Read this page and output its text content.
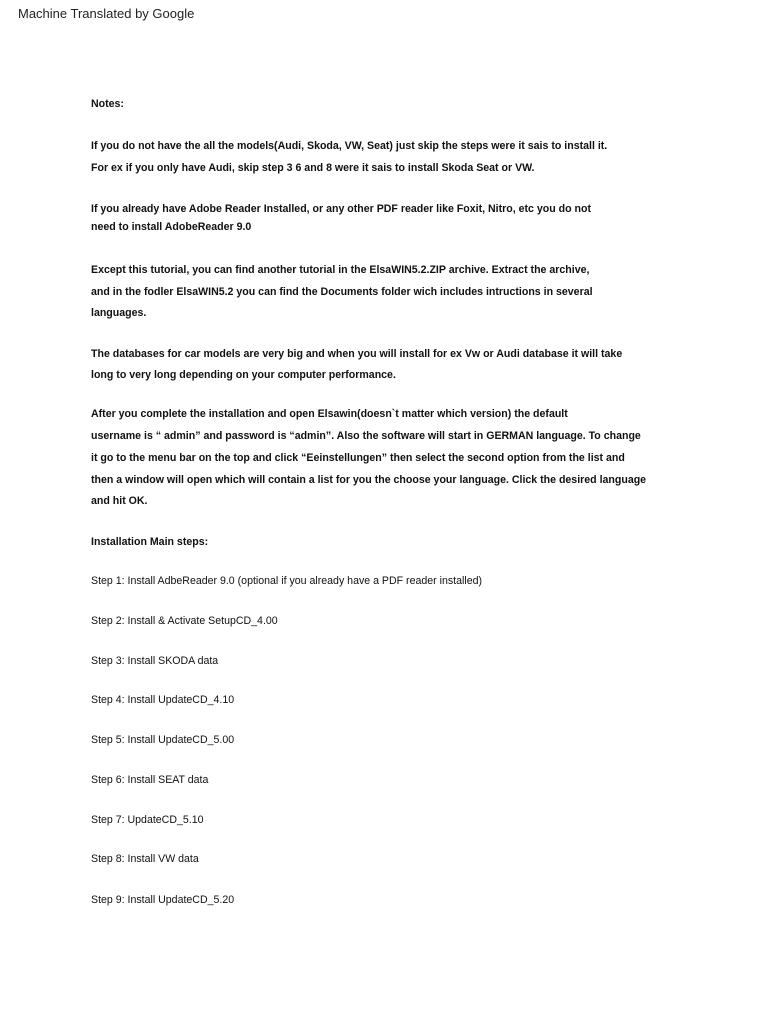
Machine Translated by Google
Notes:
If you do not have the all the models(Audi, Skoda, VW, Seat) just skip the steps were it sais to install it.
For ex if you only have Audi, skip step 3 6 and 8 were it sais to install Skoda Seat or VW.
If you already have Adobe Reader Installed, or any other PDF reader like Foxit, Nitro, etc you do not
need to install AdobeReader 9.0
Except this tutorial, you can find another tutorial in the ElsaWIN5.2.ZIP archive. Extract the archive,
and in the fodler ElsaWIN5.2 you can find the Documents folder wich includes intructions in several
languages.
The databases for car models are very big and when you will install for ex Vw or Audi database it will take
long to very long depending on your computer performance.
After you complete the installation and open Elsawin(doesn`t matter which version) the default
username is “ admin” and password is “admin”. Also the software will start in GERMAN language. To change
it go to the menu bar on the top and click “Eeinstellungen” then select the second option from the list and
then a window will open which will contain a list for you the choose your language. Click the desired language
and hit OK.
Installation Main steps:
Step 1: Install AdbeReader 9.0 (optional if you already have a PDF reader installed)
Step 2: Install & Activate SetupCD_4.00
Step 3: Install SKODA data
Step 4: Install UpdateCD_4.10
Step 5: Install UpdateCD_5.00
Step 6: Install SEAT data
Step 7: UpdateCD_5.10
Step 8: Install VW data
Step 9: Install UpdateCD_5.20
